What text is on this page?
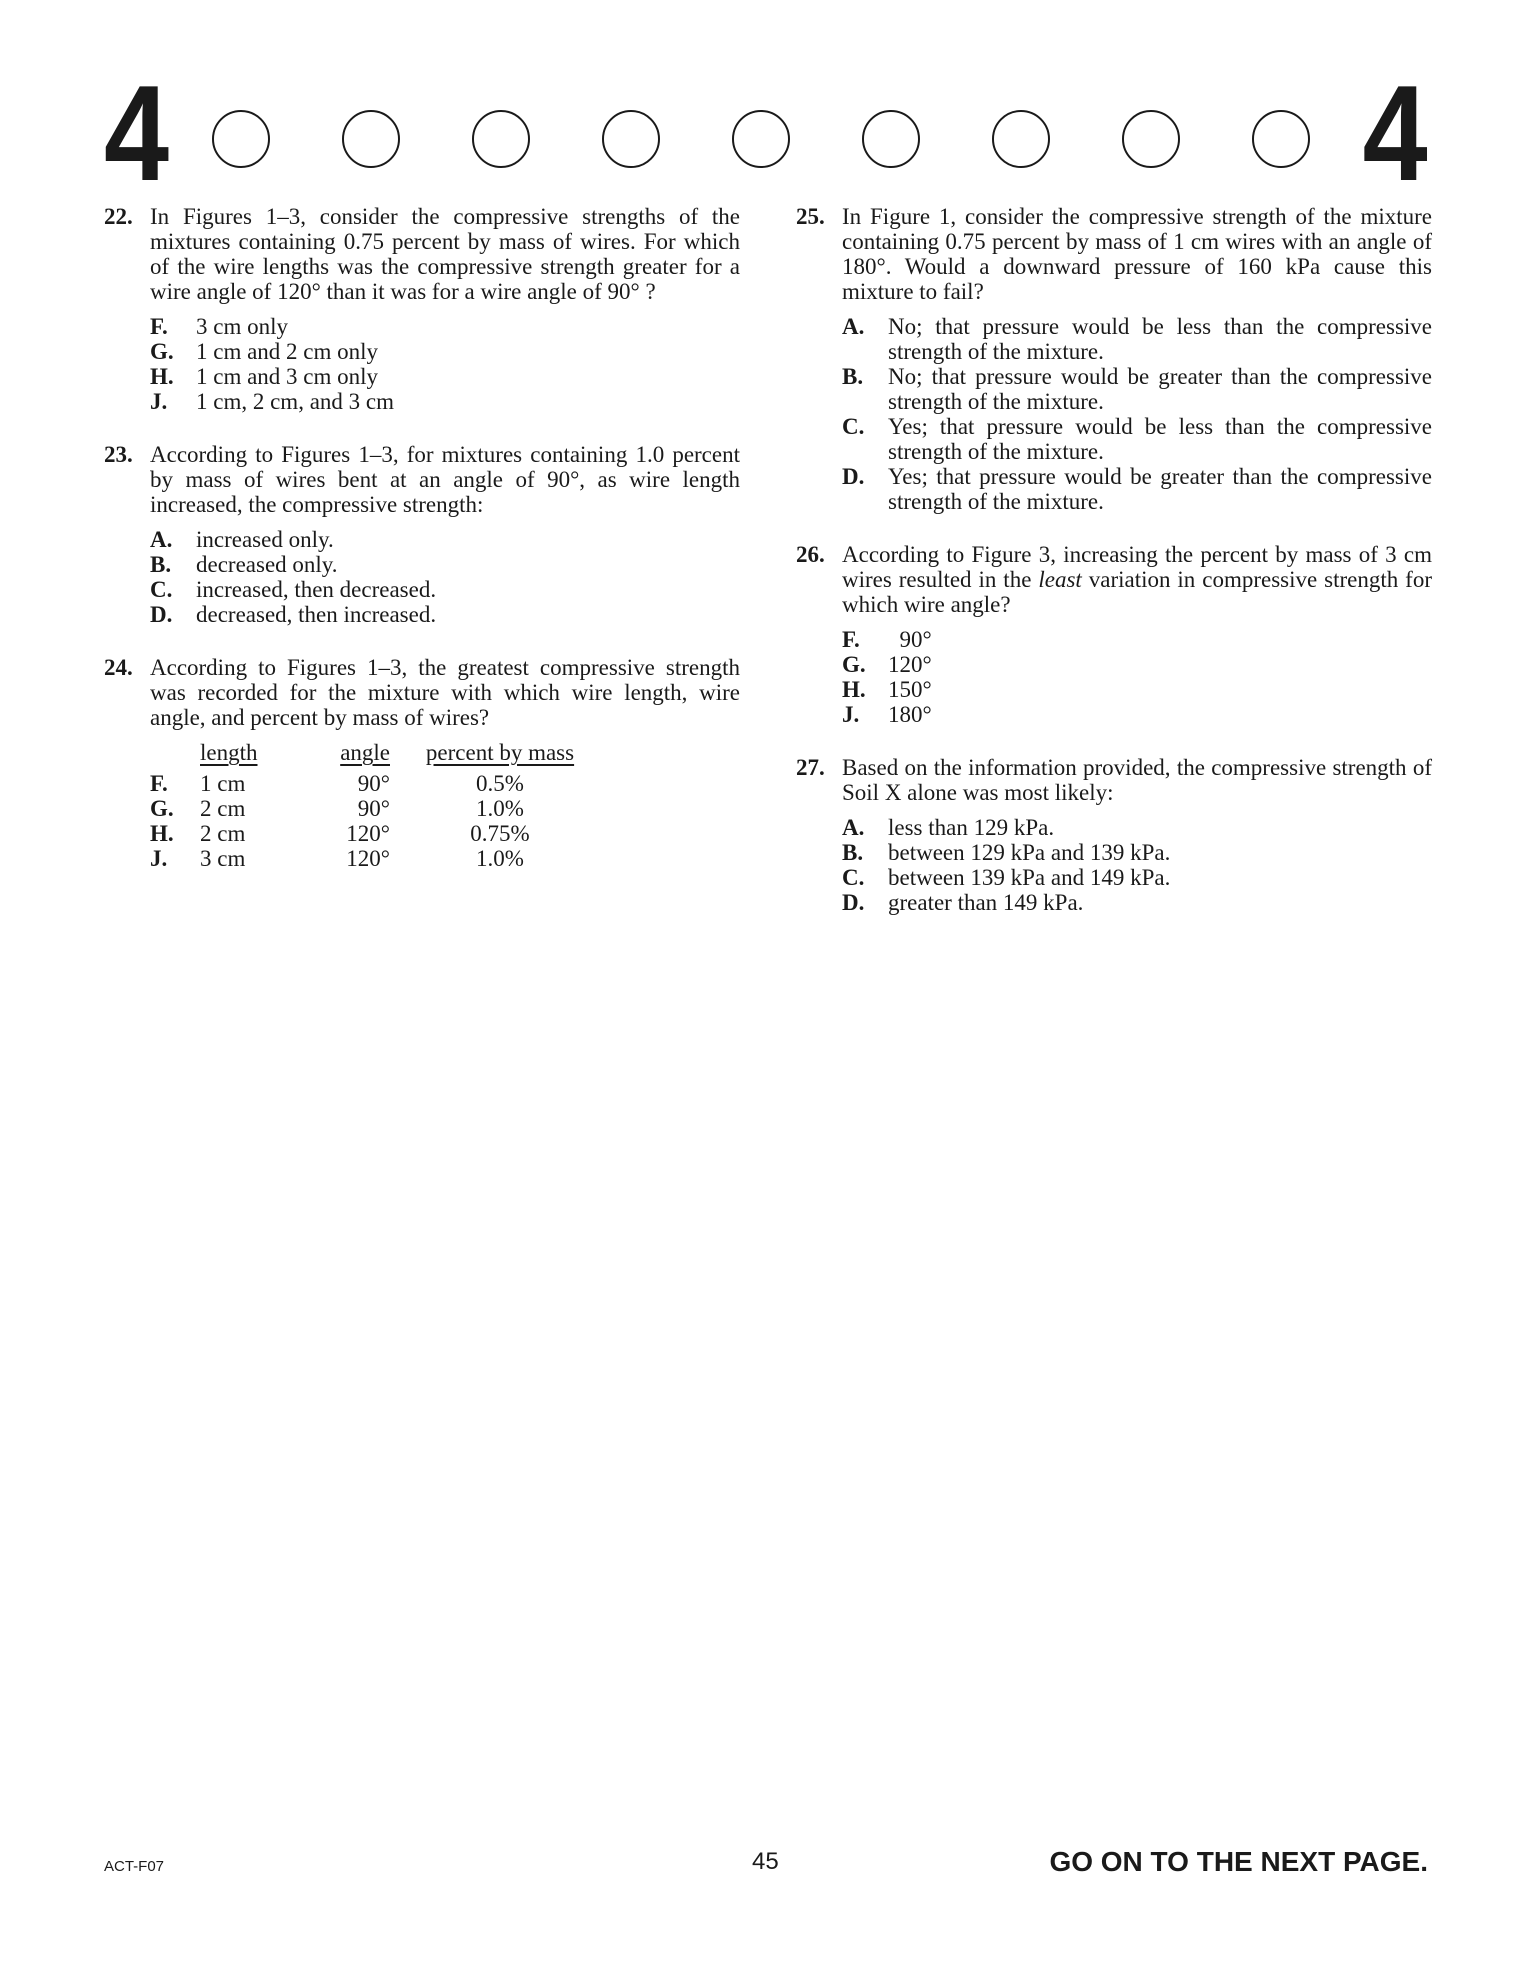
4	4
22. In Figures 1–3, consider the compressive strengths of the mixtures containing 0.75 percent by mass of wires. For which of the wire lengths was the compressive strength greater for a wire angle of 120° than it was for a wire angle of 90° ?

F. 3 cm only
G. 1 cm and 2 cm only
H. 1 cm and 3 cm only
J. 1 cm, 2 cm, and 3 cm
23. According to Figures 1–3, for mixtures containing 1.0 percent by mass of wires bent at an angle of 90°, as wire length increased, the compressive strength:

A. increased only.
B. decreased only.
C. increased, then decreased.
D. decreased, then increased.
24. According to Figures 1–3, the greatest compressive strength was recorded for the mixture with which wire length, wire angle, and percent by mass of wires?

	length	angle	percent by mass
F.	1 cm	90°	0.5%
G.	2 cm	90°	1.0%
H.	2 cm	120°	0.75%
J.	3 cm	120°	1.0%
25. In Figure 1, consider the compressive strength of the mixture containing 0.75 percent by mass of 1 cm wires with an angle of 180°. Would a downward pressure of 160 kPa cause this mixture to fail?

A. No; that pressure would be less than the compressive strength of the mixture.
B. No; that pressure would be greater than the compressive strength of the mixture.
C. Yes; that pressure would be less than the compressive strength of the mixture.
D. Yes; that pressure would be greater than the compressive strength of the mixture.
26. According to Figure 3, increasing the percent by mass of 3 cm wires resulted in the least variation in compressive strength for which wire angle?

F. 90°
G. 120°
H. 150°
J. 180°
27. Based on the information provided, the compressive strength of Soil X alone was most likely:

A. less than 129 kPa.
B. between 129 kPa and 139 kPa.
C. between 139 kPa and 149 kPa.
D. greater than 149 kPa.
ACT-F07	45	GO ON TO THE NEXT PAGE.
